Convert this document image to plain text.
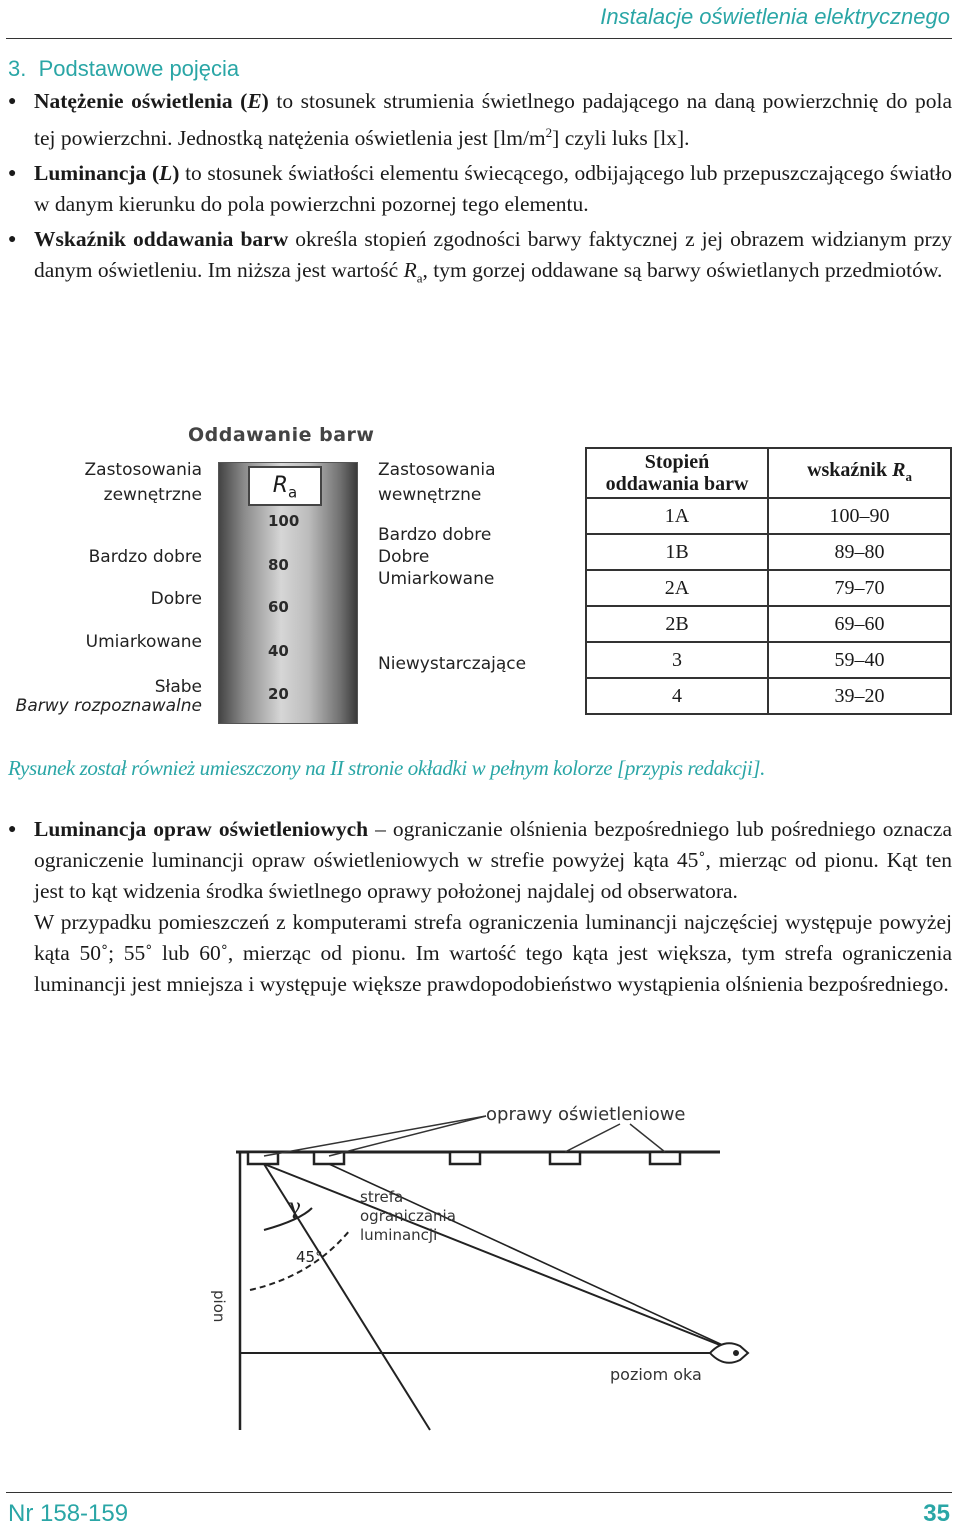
Instalacje oświetlenia elektrycznego
3. Podstawowe pojęcia
● Natężenie oświetlenia (E) to stosunek strumienia świetlnego padającego na daną powierzchnię do pola tej powierzchni. Jednostką natężenia oświetlenia jest $[lm/m^2]$ czyli luks [lx].
● Luminancja (L) to stosunek światłości elementu świecącego, odbijającego lub przepuszczającego światło w danym kierunku do pola powierzchni pozornej tego elementu.
● Wskaźnik oddawania barw określa stopień zgodności barwy faktycznej z jej obrazem widzianym przy danym oświetleniu. Im niższa jest wartość $R_a$, tym gorzej oddawane są barwy oświetlanych przedmiotów.
Oddawanie barw
Zastosowania
zewnętrzne
Bardzo dobre
Dobre
Umiarkowane
Słabe
Barwy rozpoznawalne
$R_a$
100
80
60
40
20
Zastosowania
wewnętrzne
Bardzo dobre
Dobre
Umiarkowane
Niewystarczające
Stopień
oddawania barw	wskaźnik $R_a$
1A	100–90
1B	89–80
2A	79–70
2B	69–60
3	59–40
4	39–20
Rysunek został również umieszczony na II stronie okładki w pełnym kolorze [przypis redakcji].
● Luminancja opraw oświetleniowych – ograniczanie olśnienia bezpośredniego lub pośredniego oznacza ograniczenie luminancji opraw oświetleniowych w strefie powyżej kąta 45˚, mierząc od pionu. Kąt ten jest to kąt widzenia środka świetlnego oprawy położonej najdalej od obserwatora.
W przypadku pomieszczeń z komputerami strefa ograniczenia luminancji najczęściej występuje powyżej kąta 50˚; 55˚ lub 60˚, mierząc od pionu. Im wartość tego kąta jest większa, tym strefa ograniczenia luminancji jest mniejsza i występuje większe prawdopodobieństwo wystąpienia olśnienia bezpośredniego.
oprawy oświetleniowe
γ
45°
strefa
ograniczania
luminancji
pion
poziom oka
Nr 158-159	35
